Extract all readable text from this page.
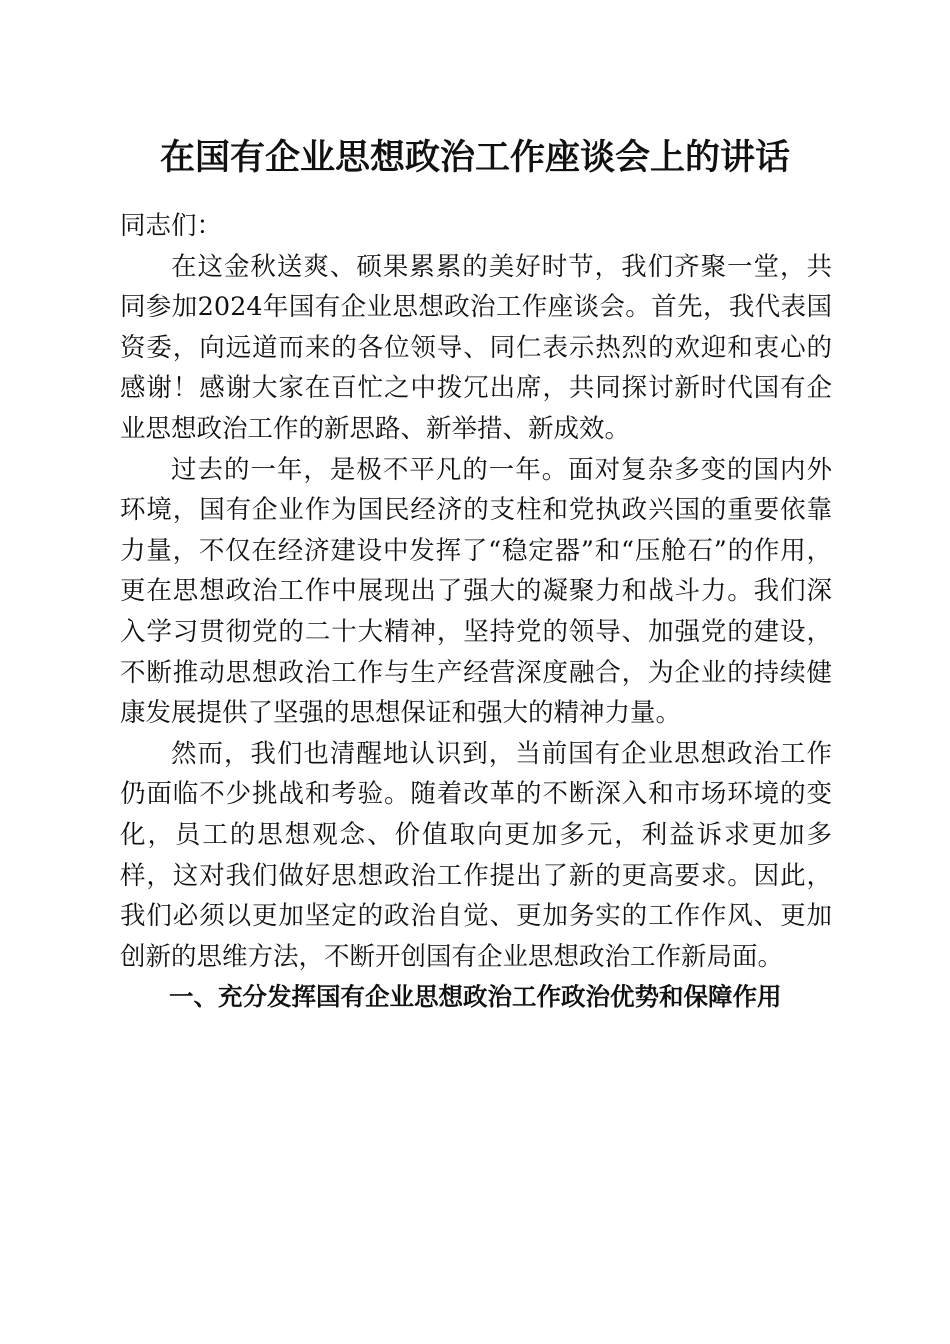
在国有企业思想政治工作座谈会上的讲话

同志们：

在这金秋送爽、硕果累累的美好时节，我们齐聚一堂，共同参加2024年国有企业思想政治工作座谈会。首先，我代表国资委，向远道而来的各位领导、同仁表示热烈的欢迎和衷心的感谢！感谢大家在百忙之中拨冗出席，共同探讨新时代国有企业思想政治工作的新思路、新举措、新成效。

过去的一年，是极不平凡的一年。面对复杂多变的国内外环境，国有企业作为国民经济的支柱和党执政兴国的重要依靠力量，不仅在经济建设中发挥了“稳定器”和“压舱石”的作用，更在思想政治工作中展现出了强大的凝聚力和战斗力。我们深入学习贯彻党的二十大精神，坚持党的领导、加强党的建设，不断推动思想政治工作与生产经营深度融合，为企业的持续健康发展提供了坚强的思想保证和强大的精神力量。

然而，我们也清醒地认识到，当前国有企业思想政治工作仍面临不少挑战和考验。随着改革的不断深入和市场环境的变化，员工的思想观念、价值取向更加多元，利益诉求更加多样，这对我们做好思想政治工作提出了新的更高要求。因此，我们必须以更加坚定的政治自觉、更加务实的工作作风、更加创新的思维方法，不断开创国有企业思想政治工作新局面。

一、充分发挥国有企业思想政治工作政治优势和保障作用
